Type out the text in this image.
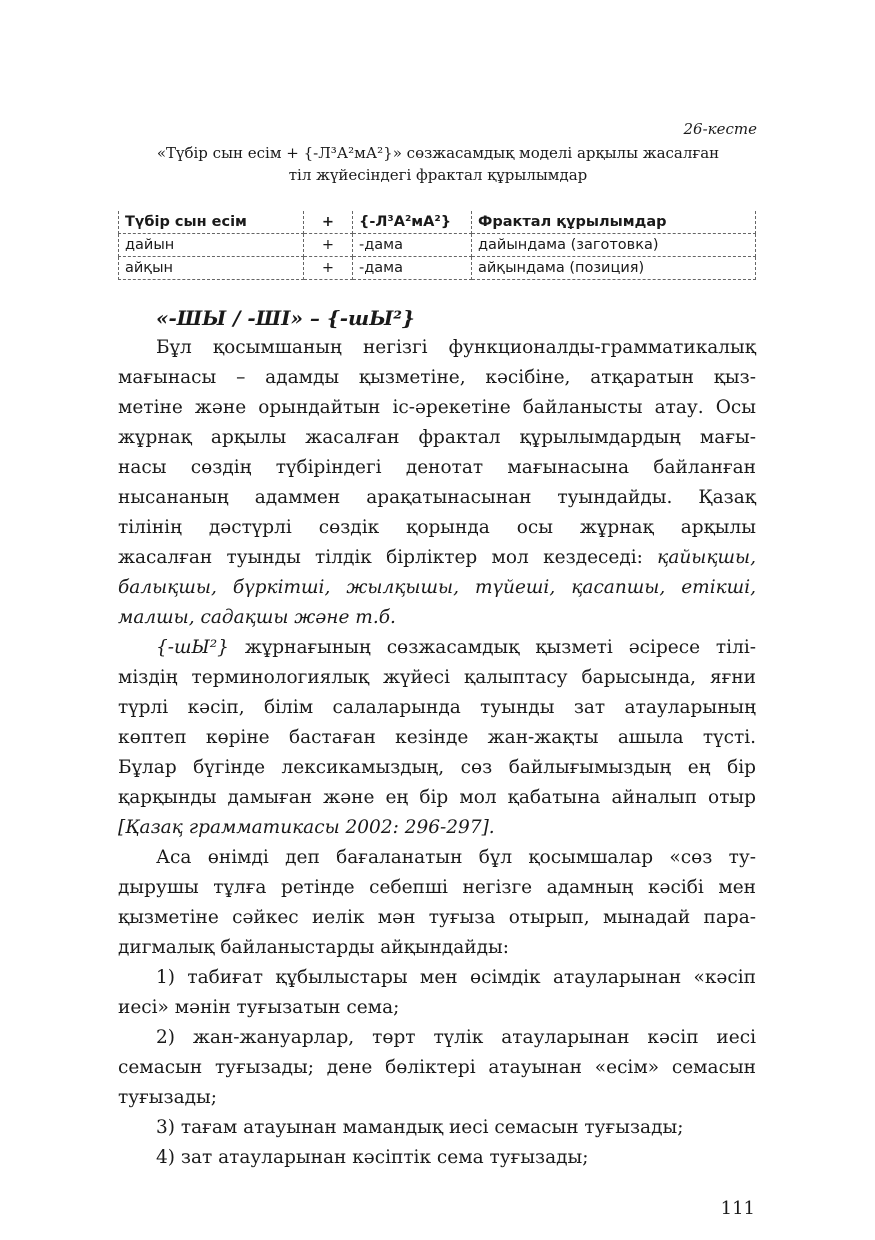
26-кесте
«Түбір сын есім + {-Л³А²мА²}» сөзжасамдық моделі арқылы жасалған
тіл жүйесіндегі фрактал құрылымдар
Түбір сын есім	+	{-Л³А²мА²}	Фрактал құрылымдар
дайын	+	-дама	дайындама (заготовка)
айқын	+	-дама	айқындама (позиция)
«-ШЫ / -ШІ» – {-шЫ²}
Бұл қосымшаның негізгі функционалды-грамматикалық
мағынасы – адамды қызметіне, кәсібіне, атқаратын қыз-
метіне және орындайтын іс-әрекетіне байланысты атау. Осы
жұрнақ арқылы жасалған фрактал құрылымдардың мағы-
насы сөздің түбіріндегі денотат мағынасына байланған
нысананың адаммен арақатынасынан туындайды. Қазақ
тілінің дәстүрлі сөздік қорында осы жұрнақ арқылы
жасалған туынды тілдік бірліктер мол кездеседі: қайықшы,
балықшы, бүркітші, жылқышы, түйеші, қасапшы, етікші,
малшы, садақшы және т.б.
{-шЫ²} жұрнағының сөзжасамдық қызметі әсіресе тілі-
міздің терминологиялық жүйесі қалыптасу барысында, яғни
түрлі кәсіп, білім салаларында туынды зат атауларының
көптеп көріне бастаған кезінде жан-жақты ашыла түсті.
Бұлар бүгінде лексикамыздың, сөз байлығымыздың ең бір
қарқынды дамыған және ең бір мол қабатына айналып отыр
[Қазақ грамматикасы 2002: 296-297].
Аса өнімді деп бағаланатын бұл қосымшалар «сөз ту-
дырушы тұлға ретінде себепші негізге адамның кәсібі мен
қызметіне сәйкес иелік мән туғыза отырып, мынадай пара-
дигмалық байланыстарды айқындайды:
1) табиғат құбылыстары мен өсімдік атауларынан «кәсіп
иесі» мәнін туғызатын сема;
2) жан-жануарлар, төрт түлік атауларынан кәсіп иесі
семасын туғызады; дене бөліктері атауынан «есім» семасын
туғызады;
3) тағам атауынан мамандық иесі семасын туғызады;
4) зат атауларынан кәсіптік сема туғызады;
111
